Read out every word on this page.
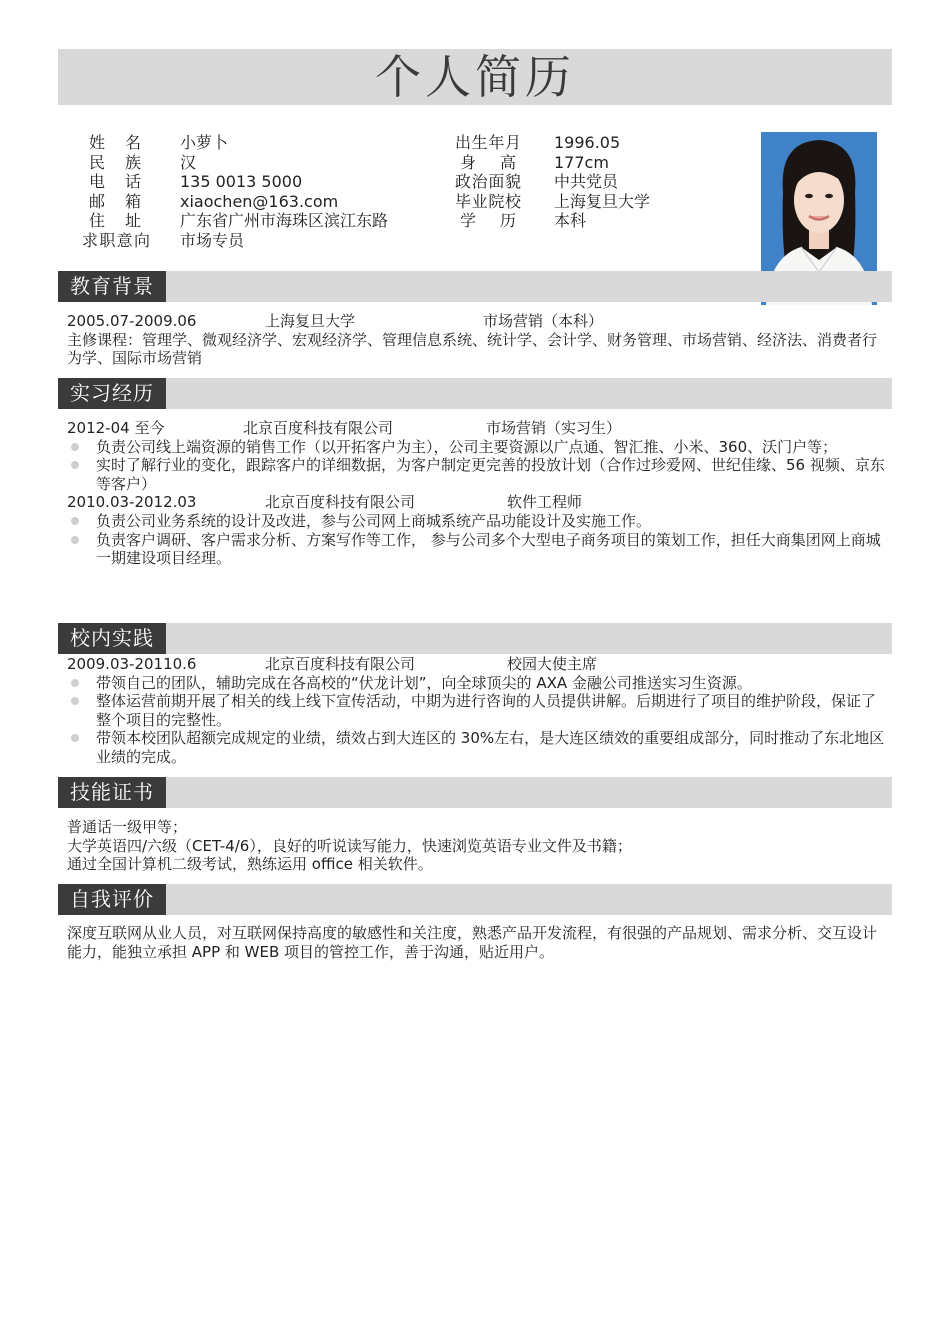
个人简历
姓名	小萝卜
民族	汉
电话	135 0013 5000
邮箱	xiaochen@163.com
住址	广东省广州市海珠区滨江东路
求职意向 市场专员
出生年月 1996.05
身高	177cm
政治面貌 中共党员
毕业院校 上海复旦大学
学历	本科
教育背景
2005.07-2009.06	上海复旦大学	市场营销（本科）

主修课程：管理学、微观经济学、宏观经济学、管理信息系统、统计学、会计学、财务管理、市场营销、经济法、消费者行为学、国际市场营销

实习经历
2012-04 至今	北京百度科技有限公司	市场营销（实习生）
负责公司线上端资源的销售工作（以开拓客户为主），公司主要资源以广点通、智汇推、小米、360、沃门户等；
实时了解行业的变化，跟踪客户的详细数据，为客户制定更完善的投放计划（合作过珍爱网、世纪佳缘、56 视频、京东等客户）
2010.03-2012.03	北京百度科技有限公司	软件工程师
负责公司业务系统的设计及改进，参与公司网上商城系统产品功能设计及实施工作。
负责客户调研、客户需求分析、方案写作等工作， 参与公司多个大型电子商务项目的策划工作，担任大商集团网上商城一期建设项目经理。
校内实践
2009.03-20110.6	北京百度科技有限公司	校园大使主席
带领自己的团队，辅助完成在各高校的“伏龙计划”，向全球顶尖的 AXA 金融公司推送实习生资源。
整体运营前期开展了相关的线上线下宣传活动，中期为进行咨询的人员提供讲解。后期进行了项目的维护阶段，保证了整个项目的完整性。
带领本校团队超额完成规定的业绩，绩效占到大连区的 30%左右，是大连区绩效的重要组成部分，同时推动了东北地区业绩的完成。
技能证书
普通话一级甲等；
大学英语四/六级（CET-4/6），良好的听说读写能力，快速浏览英语专业文件及书籍；
通过全国计算机二级考试，熟练运用 office 相关软件。
自我评价

深度互联网从业人员，对互联网保持高度的敏感性和关注度，熟悉产品开发流程，有很强的产品规划、需求分析、交互设计能力，能独立承担 APP 和 WEB 项目的管控工作，善于沟通，贴近用户。
